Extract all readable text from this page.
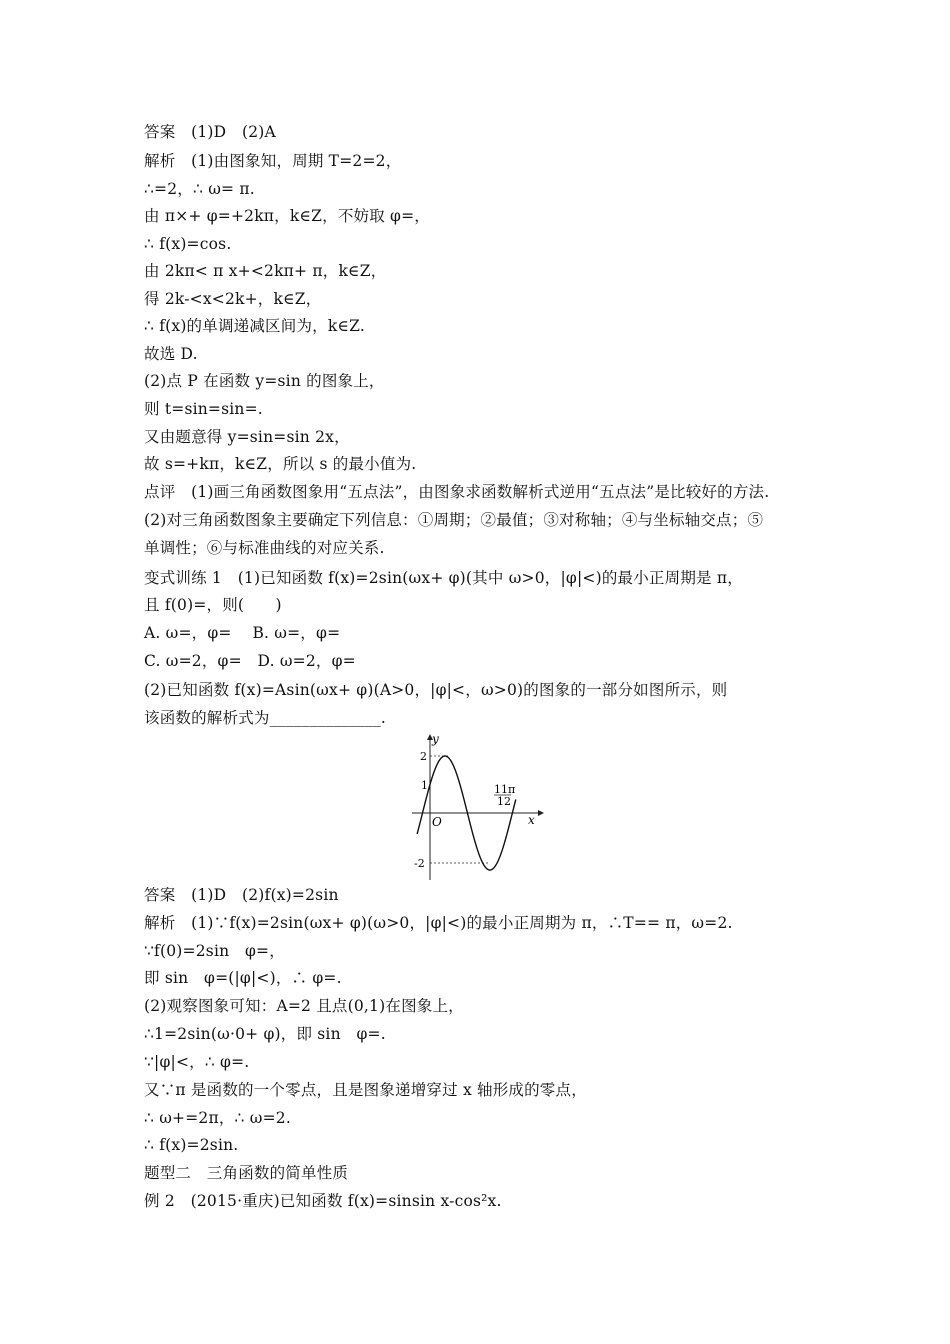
答案　(1)D　(2)A
解析　(1)由图象知，周期 T=2=2，
∴=2，∴ ω= π.
由 π×+ φ=+2kπ，k∈Z，不妨取 φ=，
∴ f(x)=cos.
由 2kπ< π x+<2kπ+ π，k∈Z，
得 2k-<x<2k+，k∈Z，
∴ f(x)的单调递减区间为，k∈Z.
故选 D.
(2)点 P 在函数 y=sin 的图象上，
则 t=sin=sin=.
又由题意得 y=sin=sin 2x，
故 s=+kπ，k∈Z，所以 s 的最小值为.
点评　(1)画三角函数图象用“五点法”，由图象求函数解析式逆用“五点法”是比较好的方法.
(2)对三角函数图象主要确定下列信息：①周期；②最值；③对称轴；④与坐标轴交点；⑤
单调性；⑥与标准曲线的对应关系.
变式训练 1　(1)已知函数 f(x)=2sin(ωx+ φ)(其中 ω>0，|φ|<)的最小正周期是 π，
且 f(0)=，则(　　)
A. ω=，φ=　 B. ω=，φ=
C. ω=2，φ=　D. ω=2，φ=
(2)已知函数 f(x)=Asin(ωx+ φ)(A>0，|φ|<，ω>0)的图象的一部分如图所示，则
该函数的解析式为______________.
y
x
O
2
1
-2
11π
12
答案　(1)D　(2)f(x)=2sin
解析　(1)∵f(x)=2sin(ωx+ φ)(ω>0，|φ|<)的最小正周期为 π，∴T== π，ω=2.
∵f(0)=2sin　φ=，
即 sin　φ=(|φ|<)，∴ φ=.
(2)观察图象可知：A=2 且点(0,1)在图象上，
∴1=2sin(ω·0+ φ)，即 sin　φ=.
∵|φ|<，∴ φ=.
又∵π 是函数的一个零点，且是图象递增穿过 x 轴形成的零点，
∴ ω+=2π，∴ ω=2.
∴ f(x)=2sin.
题型二　三角函数的简单性质
例 2　(2015·重庆)已知函数 f(x)=sinsin x-cos²x.
